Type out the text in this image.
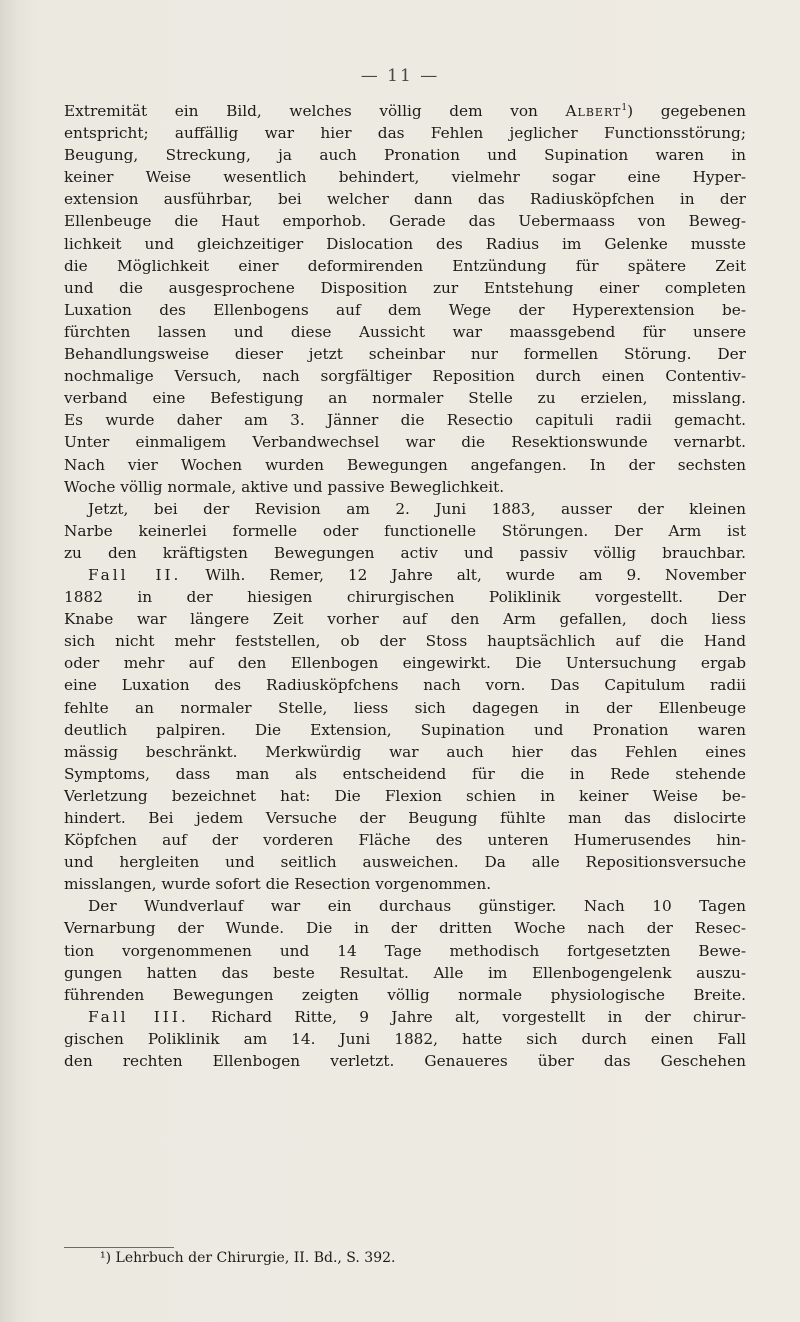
— 11 —
Extremität ein Bild, welches völlig dem von Albert$^1$) gegebenen
entspricht; auffällig war hier das Fehlen jeglicher Functionsstörung;
Beugung, Streckung, ja auch Pronation und Supination waren in
keiner Weise wesentlich behindert, vielmehr sogar eine Hyper-
extension ausführbar, bei welcher dann das Radiusköpfchen in der
Ellenbeuge die Haut emporhob. Gerade das Uebermaass von Beweg-
lichkeit und gleichzeitiger Dislocation des Radius im Gelenke musste
die Möglichkeit einer deformirenden Entzündung für spätere Zeit
und die ausgesprochene Disposition zur Entstehung einer completen
Luxation des Ellenbogens auf dem Wege der Hyperextension be-
fürchten lassen und diese Aussicht war maassgebend für unsere
Behandlungsweise dieser jetzt scheinbar nur formellen Störung. Der
nochmalige Versuch, nach sorgfältiger Reposition durch einen Contentiv-
verband eine Befestigung an normaler Stelle zu erzielen, misslang.
Es wurde daher am 3. Jänner die Resectio capituli radii gemacht.
Unter einmaligem Verbandwechsel war die Resektionswunde vernarbt.
Nach vier Wochen wurden Bewegungen angefangen. In der sechsten
Woche völlig normale, aktive und passive Beweglichkeit.
Jetzt, bei der Revision am 2. Juni 1883, ausser der kleinen
Narbe keinerlei formelle oder functionelle Störungen. Der Arm ist
zu den kräftigsten Bewegungen activ und passiv völlig brauchbar.
Fall II. Wilh. Remer, 12 Jahre alt, wurde am 9. November
1882 in der hiesigen chirurgischen Poliklinik vorgestellt. Der
Knabe war längere Zeit vorher auf den Arm gefallen, doch liess
sich nicht mehr feststellen, ob der Stoss hauptsächlich auf die Hand
oder mehr auf den Ellenbogen eingewirkt. Die Untersuchung ergab
eine Luxation des Radiusköpfchens nach vorn. Das Capitulum radii
fehlte an normaler Stelle, liess sich dagegen in der Ellenbeuge
deutlich palpiren. Die Extension, Supination und Pronation waren
mässig beschränkt. Merkwürdig war auch hier das Fehlen eines
Symptoms, dass man als entscheidend für die in Rede stehende
Verletzung bezeichnet hat: Die Flexion schien in keiner Weise be-
hindert. Bei jedem Versuche der Beugung fühlte man das dislocirte
Köpfchen auf der vorderen Fläche des unteren Humerusendes hin-
und hergleiten und seitlich ausweichen. Da alle Repositionsversuche
misslangen, wurde sofort die Resection vorgenommen.
Der Wundverlauf war ein durchaus günstiger. Nach 10 Tagen
Vernarbung der Wunde. Die in der dritten Woche nach der Resec-
tion vorgenommenen und 14 Tage methodisch fortgesetzten Bewe-
gungen hatten das beste Resultat. Alle im Ellenbogengelenk auszu-
führenden Bewegungen zeigten völlig normale physiologische Breite.
Fall III. Richard Ritte, 9 Jahre alt, vorgestellt in der chirur-
gischen Poliklinik am 14. Juni 1882, hatte sich durch einen Fall
den rechten Ellenbogen verletzt. Genaueres über das Geschehen
¹) Lehrbuch der Chirurgie, II. Bd., S. 392.
